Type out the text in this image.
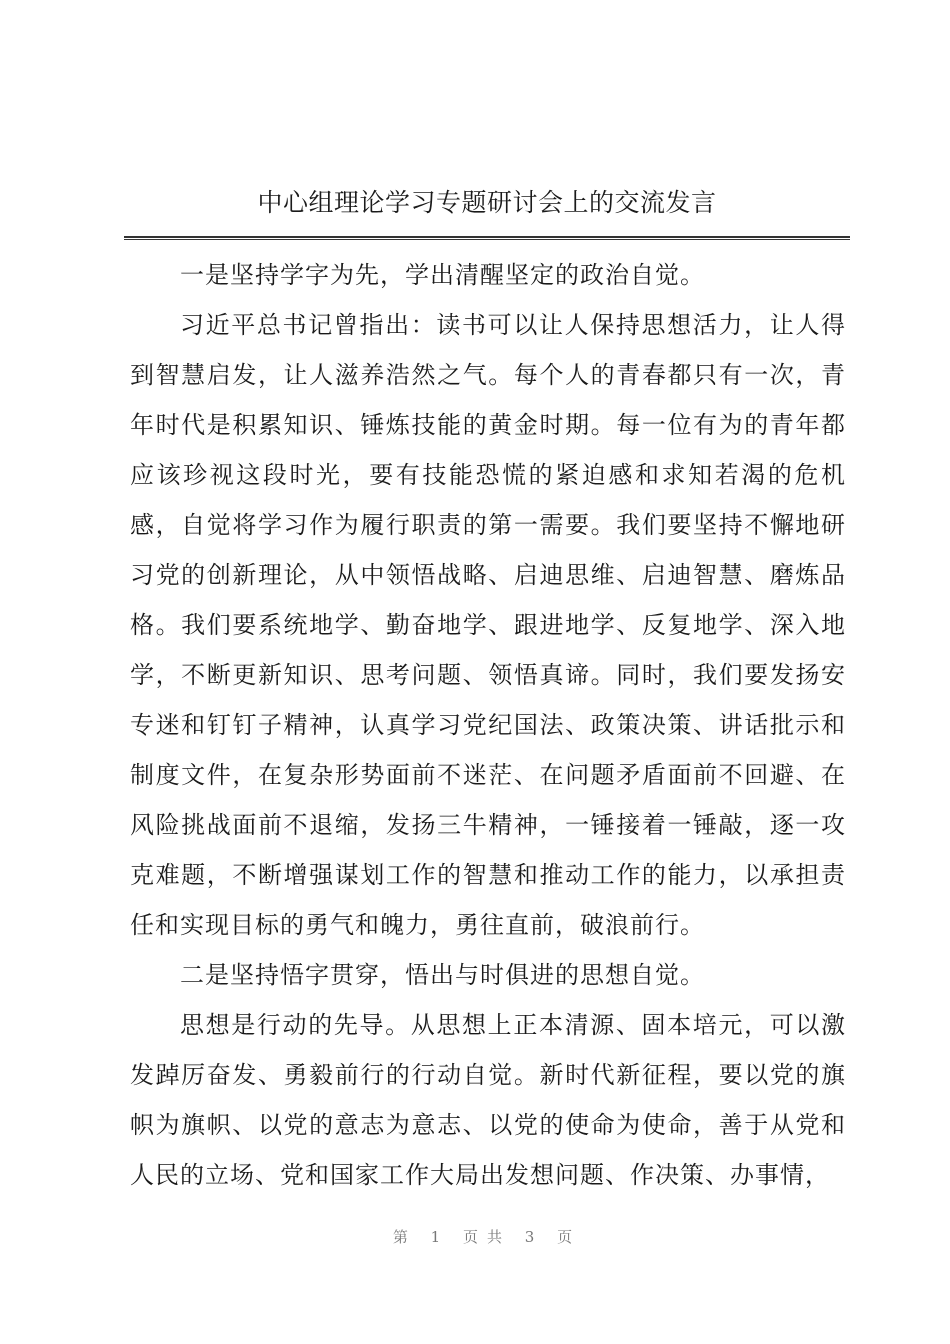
中心组理论学习专题研讨会上的交流发言

一是坚持学字为先，学出清醒坚定的政治自觉。

习近平总书记曾指出：读书可以让人保持思想活力，让人得到智慧启发，让人滋养浩然之气。每个人的青春都只有一次，青年时代是积累知识、锤炼技能的黄金时期。每一位有为的青年都应该珍视这段时光，要有技能恐慌的紧迫感和求知若渴的危机感，自觉将学习作为履行职责的第一需要。我们要坚持不懈地研习党的创新理论，从中领悟战略、启迪思维、启迪智慧、磨炼品格。我们要系统地学、勤奋地学、跟进地学、反复地学、深入地学，不断更新知识、思考问题、领悟真谛。同时，我们要发扬安专迷和钉钉子精神，认真学习党纪国法、政策决策、讲话批示和制度文件，在复杂形势面前不迷茫、在问题矛盾面前不回避、在风险挑战面前不退缩，发扬三牛精神，一锤接着一锤敲，逐一攻克难题，不断增强谋划工作的智慧和推动工作的能力，以承担责任和实现目标的勇气和魄力，勇往直前，破浪前行。

二是坚持悟字贯穿，悟出与时俱进的思想自觉。

思想是行动的先导。从思想上正本清源、固本培元，可以激发踔厉奋发、勇毅前行的行动自觉。新时代新征程，要以党的旗帜为旗帜、以党的意志为意志、以党的使命为使命，善于从党和人民的立场、党和国家工作大局出发想问题、作决策、办事情，

第 1 页共 3 页
